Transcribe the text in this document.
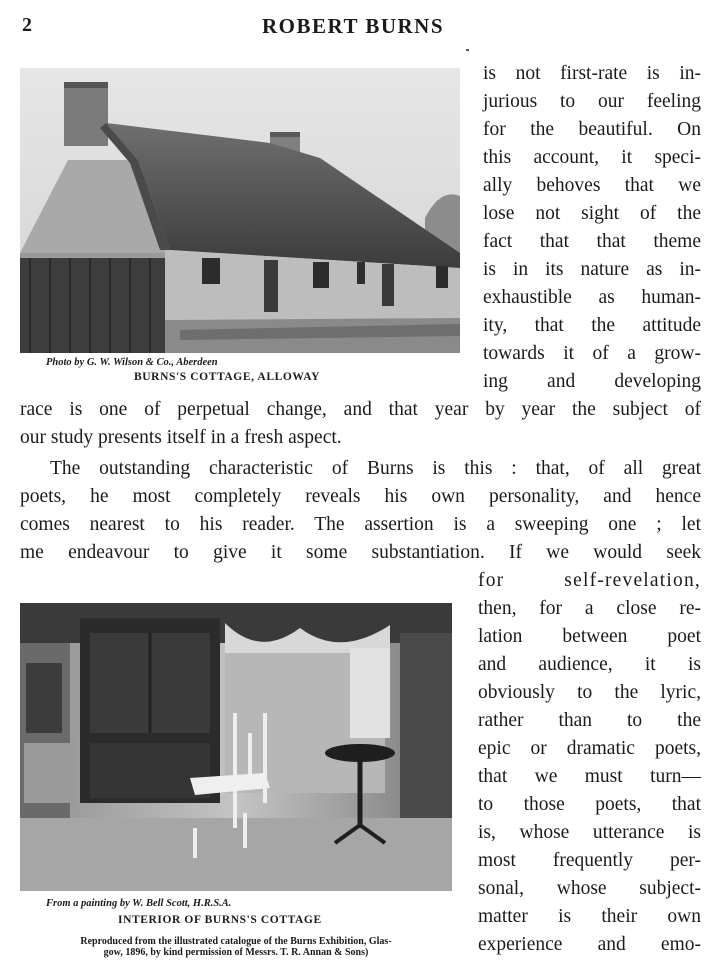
2	ROBERT BURNS
Photo by G. W. Wilson & Co., Aberdeen
BURNS'S COTTAGE, ALLOWAY
is not first-rate is in-
jurious to our feeling
for the beautiful. On
this account, it speci-
ally behoves that we
lose not sight of the
fact that that theme
is in its nature as in-
exhaustible as human-
ity, that the attitude
towards it of a grow-
ing and developing
race is one of perpetual change, and that year by year the subject of
our study presents itself in a fresh aspect.
The outstanding characteristic of Burns is this : that, of all great
poets, he most completely reveals his own personality, and hence
comes nearest to his reader. The assertion is a sweeping one ; let
me endeavour to give it some substantiation. If we would seek
From a painting by W. Bell Scott, H.R.S.A.
INTERIOR OF BURNS'S COTTAGE
Reproduced from the illustrated catalogue of the Burns Exhibition, Glas-
gow, 1896, by kind permission of Messrs. T. R. Annan & Sons)
for self-revelation,
then, for a close re-
lation between poet
and audience, it is
obviously to the lyric,
rather than to the
epic or dramatic poets,
that we must turn—
to those poets, that
is, whose utterance is
most frequently per-
sonal, whose subject-
matter is their own
experience and emo-
